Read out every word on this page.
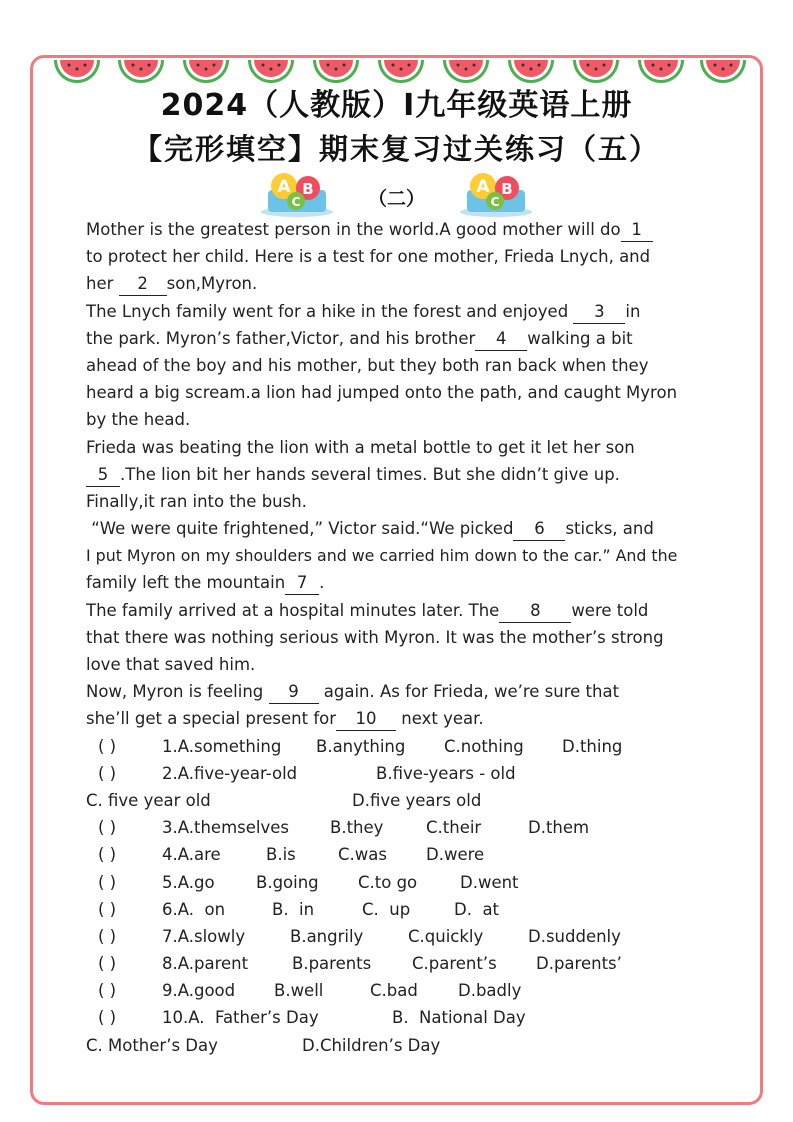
2024（人教版）Ⅰ九年级英语上册
【完形填空】期末复习过关练习（五）
（二）
A B
C
A B
C
Mother is the greatest person in the world.A good mother will do 1
to protect her child. Here is a test for one mother, Frieda Lnych, and
her 2 son,Myron.
The Lnych family went for a hike in the forest and enjoyed 3 in
the park. Myron’s father,Victor, and his brother 4 walking a bit
ahead of the boy and his mother, but they both ran back when they
heard a big scream.a lion had jumped onto the path, and caught Myron
by the head.
Frieda was beating the lion with a metal bottle to get it let her son
5 .The lion bit her hands several times. But she didn’t give up.
Finally,it ran into the bush.
“We were quite frightened,” Victor said.“We picked 6 sticks, and
I put Myron on my shoulders and we carried him down to the car.” And the
family left the mountain 7 .
The family arrived at a hospital minutes later. The 8 were told
that there was nothing serious with Myron. It was the mother’s strong
love that saved him.
Now, Myron is feeling 9 again. As for Frieda, we’re sure that
she’ll get a special present for 10 next year.
( )	1.A.something B.anything C.nothing D.thing
( )	2.A.five-year-old	B.five-years - old
C. five year old	D.five years old
( )	3.A.themselves B.they	C.their	D.them
( )	4.A.are	B.is	C.was D.were
( )	5.A.go	B.going C.to go	D.went
( )	6.A.  on	B.  in	C.  up	D.  at
( )	7.A.slowly	B.angrily	C.quickly	D.suddenly
( )	8.A.parent	B.parents C.parent’s D.parents’
( )	9.A.good B.well	C.bad D.badly
( )	10.A.  Father’s Day	B.  National Day
C. Mother’s Day	D.Children’s Day
